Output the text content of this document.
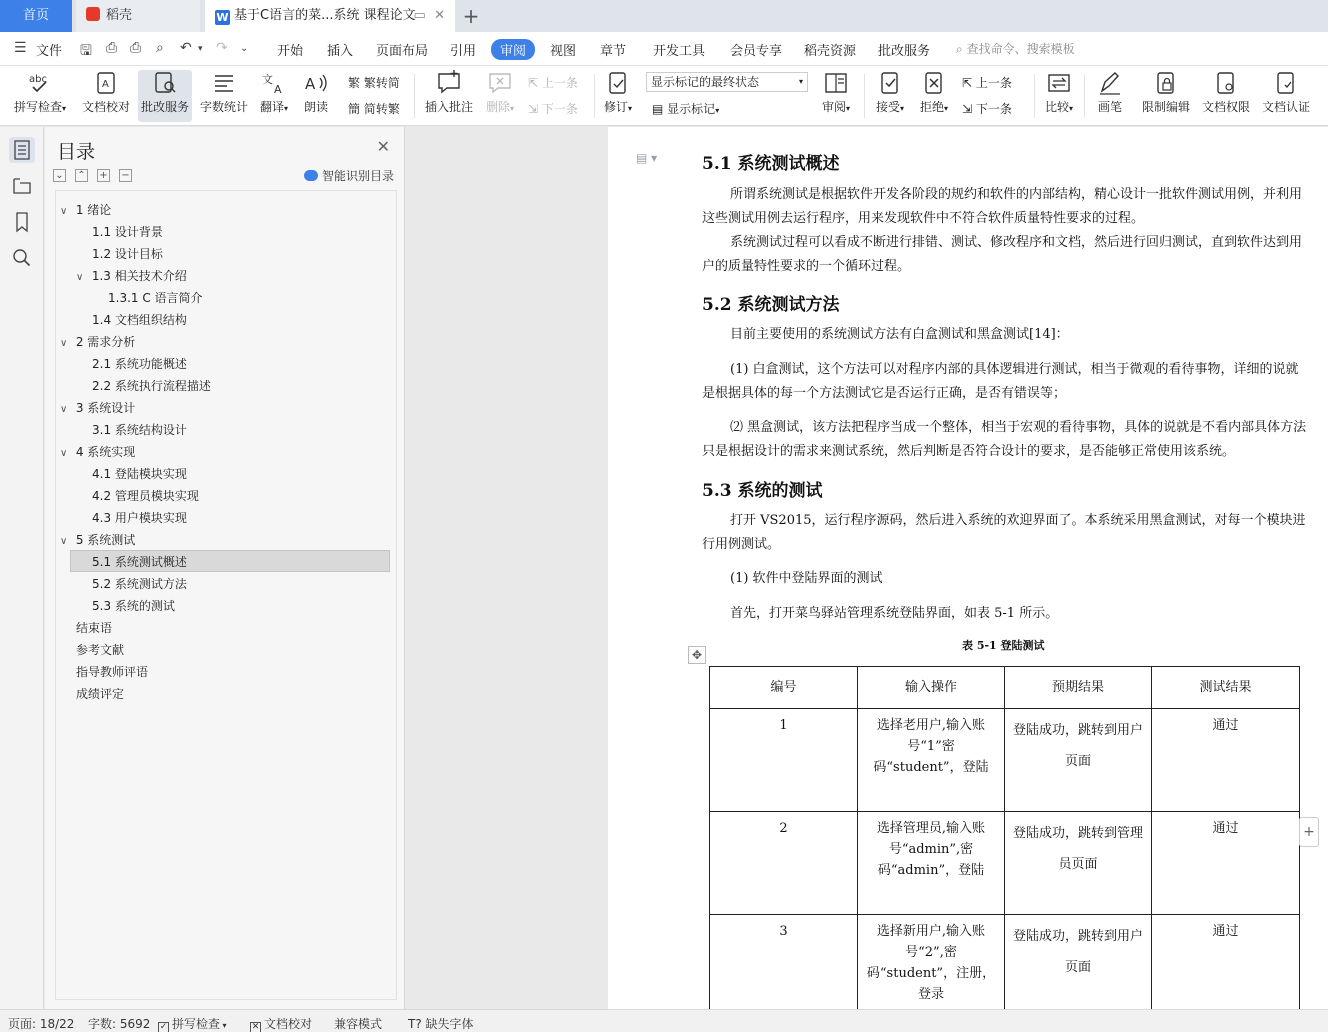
首页	稻壳	W 基于C语言的菜...系统 课程论文
▭ ✕ +
☰ 文件 🖫 ⎙ ⎙ ⌕ ↶ ▾ ↷ ⌄ 开始 插入 页面布局 引用	审阅	视图 章节 开发工具 会员专享 稻壳资源 批改服务 ⌕ 查找命令、搜索模板
abc
拼写检查▾
A
文档校对 批改服务 字数统计
文
A
翻译▾
A
朗读
繁 繁转简
簡 简转繁 插入批注	删除▾
⇱ 上一条
⇲ 下一条	修订▾	▤ 显示标记▾	审阅▾	接受▾	拒绝▾
⇱ 上一条
⇲ 下一条	比较▾	画笔	限制编辑 文档权限 文档认证
显示标记的最终状态	▾
目录	✕
⌄ ⌃ + −	智能识别目录
∨ 1 绪论
1.1 设计背景
1.2 设计目标
∨ 1.3 相关技术介绍
1.3.1 C 语言简介
1.4 文档组织结构
∨ 2 需求分析
2.1 系统功能概述
2.2 系统执行流程描述
∨ 3 系统设计
3.1 系统结构设计
∨ 4 系统实现
4.1 登陆模块实现
4.2 管理员模块实现
4.3 用户模块实现
∨ 5 系统测试
5.1 系统测试概述
5.2 系统测试方法
5.3 系统的测试
结束语
参考文献
指导教师评语
成绩评定
▤ ▾	5.1 系统测试概述
所谓系统测试是根据软件开发各阶段的规约和软件的内部结构，精心设计一批软件测试用例，并利用这些测试用例去运行程序，用来发现软件中不符合软件质量特性要求的过程。
系统测试过程可以看成不断进行排错、测试、修改程序和文档，然后进行回归测试，直到软件达到用户的质量特性要求的一个循环过程。
5.2 系统测试方法
目前主要使用的系统测试方法有白盒测试和黑盒测试[14]：
(1) 白盒测试，这个方法可以对程序内部的具体逻辑进行测试，相当于微观的看待事物，详细的说就是根据具体的每一个方法测试它是否运行正确，是否有错误等；
⑵ 黑盒测试，该方法把程序当成一个整体，相当于宏观的看待事物，具体的说就是不看内部具体方法只是根据设计的需求来测试系统，然后判断是否符合设计的要求，是否能够正常使用该系统。
5.3 系统的测试
打开 VS2015，运行程序源码，然后进入系统的欢迎界面了。本系统采用黑盒测试，对每一个模块进行用例测试。
(1) 软件中登陆界面的测试
首先，打开菜鸟驿站管理系统登陆界面，如表 5-1 所示。
表 5-1 登陆测试
✥
编号	输入操作	预期结果	测试结果
1	选择老用户,输入账号“1”密码“student”，登陆	登陆成功，跳转到用户页面	通过
2	选择管理员,输入账号“admin”,密码“admin”，登陆	登陆成功，跳转到管理员页面	通过
3	选择新用户,输入账号“2”,密码“student”，注册，登录	登陆成功，跳转到用户页面	通过
+
页面: 18/22 字数: 5692 ✓ 拼写检查 ▾	✕ 文档校对 兼容模式 T? 缺失字体
